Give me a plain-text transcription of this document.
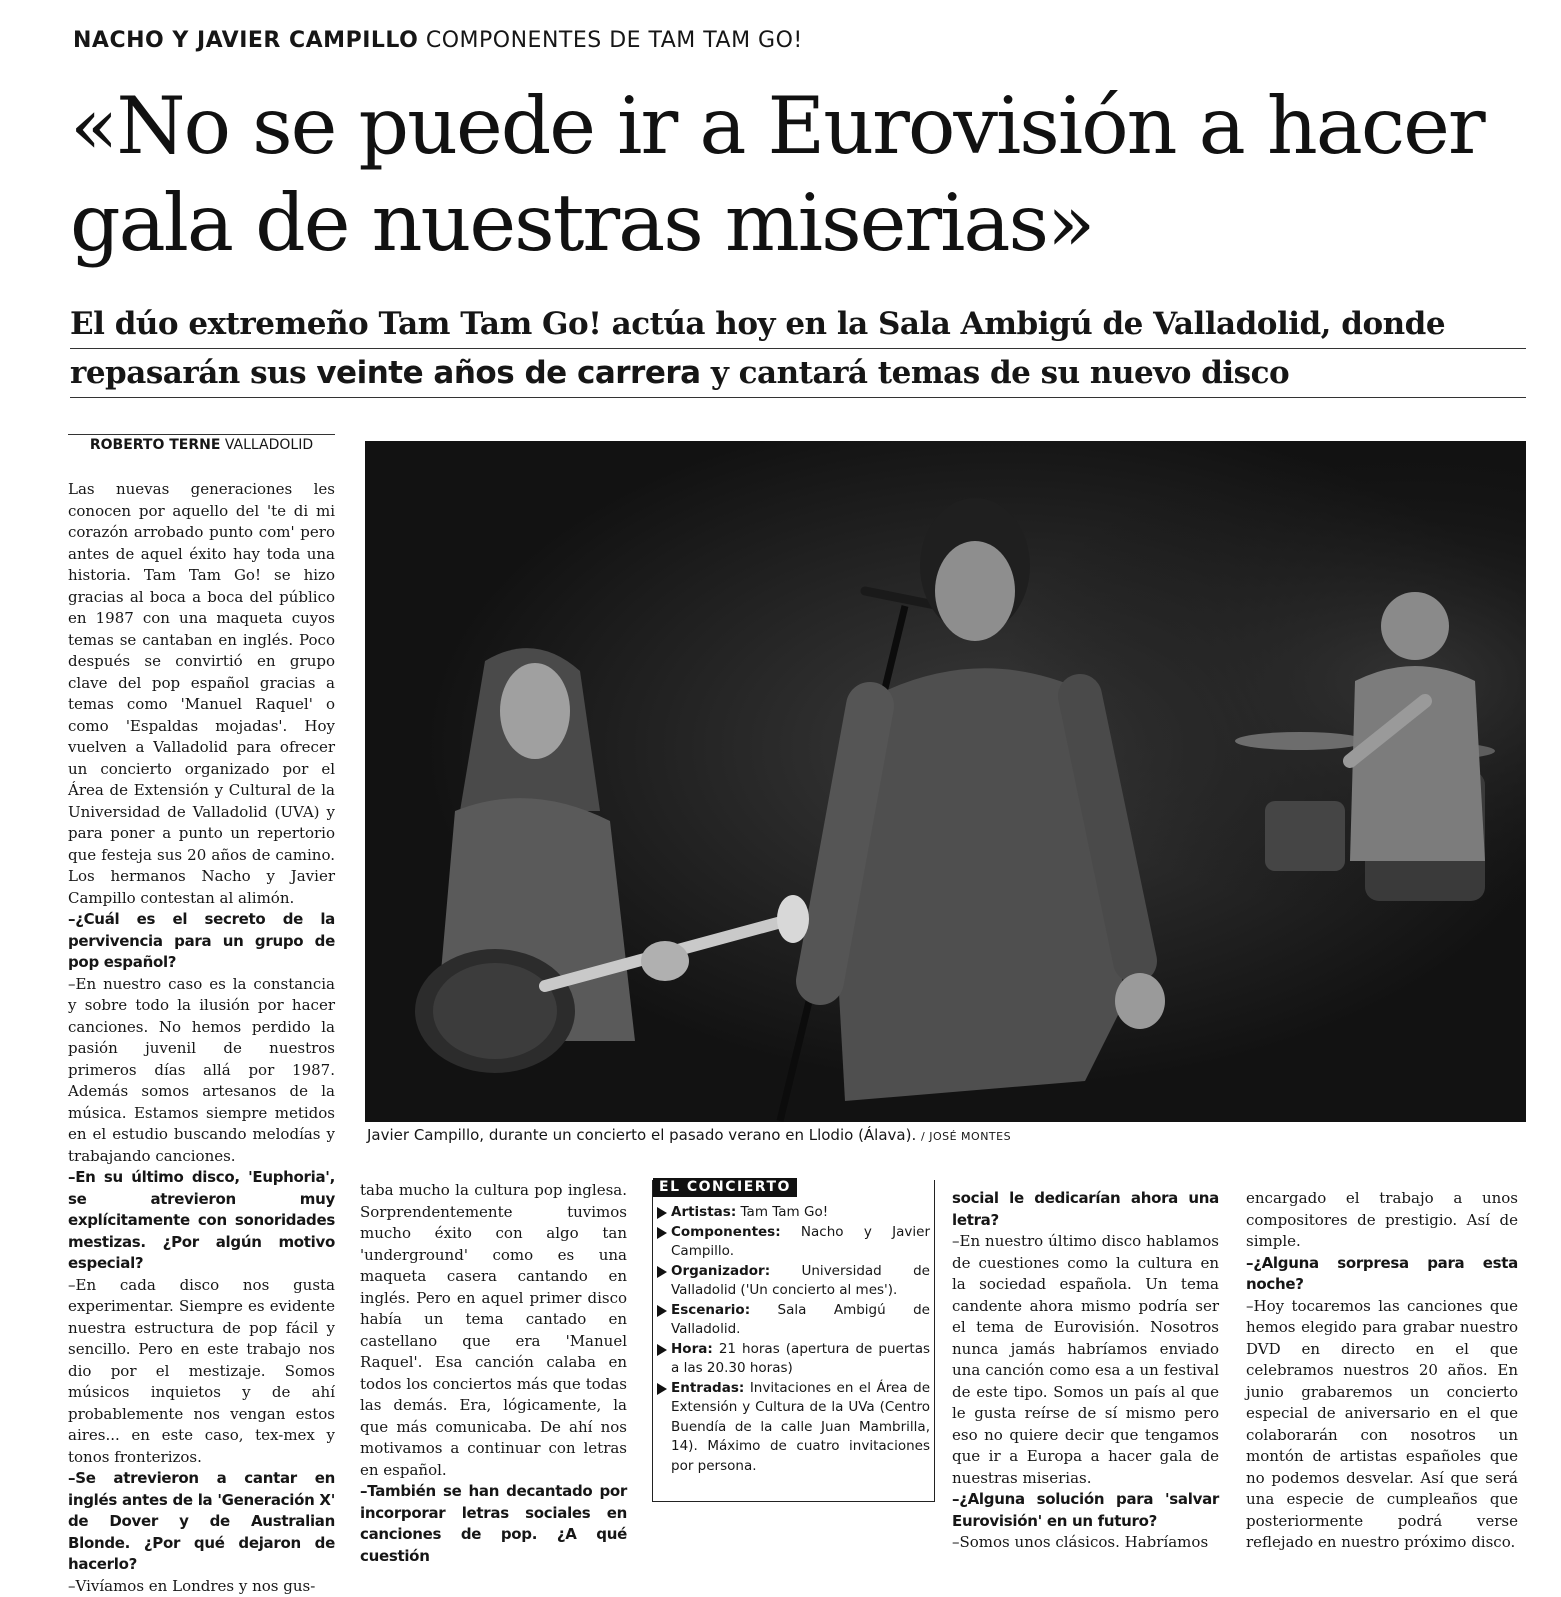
NACHO Y JAVIER CAMPILLO COMPONENTES DE TAM TAM GO!
«No se puede ir a Eurovisión a hacer
gala de nuestras miserias»
El dúo extremeño Tam Tam Go! actúa hoy en la Sala Ambigú de Valladolid, donde
repasarán sus veinte años de carrera y cantará temas de su nuevo disco
ROBERTO TERNE VALLADOLID

Las nuevas generaciones les conocen por aquello del 'te di mi corazón arrobado punto com' pero antes de aquel éxito hay toda una historia. Tam Tam Go! se hizo gracias al boca a boca del público en 1987 con una maqueta cuyos temas se cantaban en inglés. Poco después se convirtió en grupo clave del pop español gracias a temas como 'Manuel Raquel' o como 'Espaldas mojadas'. Hoy vuelven a Valladolid para ofrecer un concierto organizado por el Área de Extensión y Cultural de la Universidad de Valladolid (UVA) y para poner a punto un repertorio que festeja sus 20 años de camino. Los hermanos Nacho y Javier Campillo contestan al alimón.

–¿Cuál es el secreto de la pervivencia para un grupo de pop español?

–En nuestro caso es la constancia y sobre todo la ilusión por hacer canciones. No hemos perdido la pasión juvenil de nuestros primeros días allá por 1987. Además somos artesanos de la música. Estamos siempre metidos en el estudio buscando melodías y trabajando canciones.

–En su último disco, 'Euphoria', se atrevieron muy explícitamente con sonoridades mestizas. ¿Por algún motivo especial?

–En cada disco nos gusta experimentar. Siempre es evidente nuestra estructura de pop fácil y sencillo. Pero en este trabajo nos dio por el mestizaje. Somos músicos inquietos y de ahí probablemente nos vengan estos aires... en este caso, tex-mex y tonos fronterizos.

–Se atrevieron a cantar en inglés antes de la 'Generación X' de Dover y de Australian Blonde. ¿Por qué dejaron de hacerlo?

–Vivíamos en Londres y nos gus-

Javier Campillo, durante un concierto el pasado verano en Llodio (Álava). / JOSÉ MONTES

taba mucho la cultura pop inglesa. Sorprendentemente tuvimos mucho éxito con algo tan 'underground' como es una maqueta casera cantando en inglés. Pero en aquel primer disco había un tema cantado en castellano que era 'Manuel Raquel'. Esa canción calaba en todos los conciertos más que todas las demás. Era, lógicamente, la que más comunicaba. De ahí nos motivamos a continuar con letras en español.

–También se han decantado por incorporar letras sociales en canciones de pop. ¿A qué cuestión

EL CONCIERTO
Artistas: Tam Tam Go!
Componentes: Nacho y Javier Campillo.
Organizador: Universidad de Valladolid ('Un concierto al mes').
Escenario: Sala Ambigú de Valladolid.
Hora: 21 horas (apertura de puertas a las 20.30 horas)
Entradas: Invitaciones en el Área de Extensión y Cultura de la UVa (Centro Buendía de la calle Juan Mambrilla, 14). Máximo de cuatro invitaciones por persona.

social le dedicarían ahora una letra?

–En nuestro último disco hablamos de cuestiones como la cultura en la sociedad española. Un tema candente ahora mismo podría ser el tema de Eurovisión. Nosotros nunca jamás habríamos enviado una canción como esa a un festival de este tipo. Somos un país al que le gusta reírse de sí mismo pero eso no quiere decir que tengamos que ir a Europa a hacer gala de nuestras miserias.

–¿Alguna solución para 'salvar Eurovisión' en un futuro?

–Somos unos clásicos. Habríamos

encargado el trabajo a unos compositores de prestigio. Así de simple.

–¿Alguna sorpresa para esta noche?

–Hoy tocaremos las canciones que hemos elegido para grabar nuestro DVD en directo en el que celebramos nuestros 20 años. En junio grabaremos un concierto especial de aniversario en el que colaborarán con nosotros un montón de artistas españoles que no podemos desvelar. Así que será una especie de cumpleaños que posteriormente podrá verse reflejado en nuestro próximo disco.
